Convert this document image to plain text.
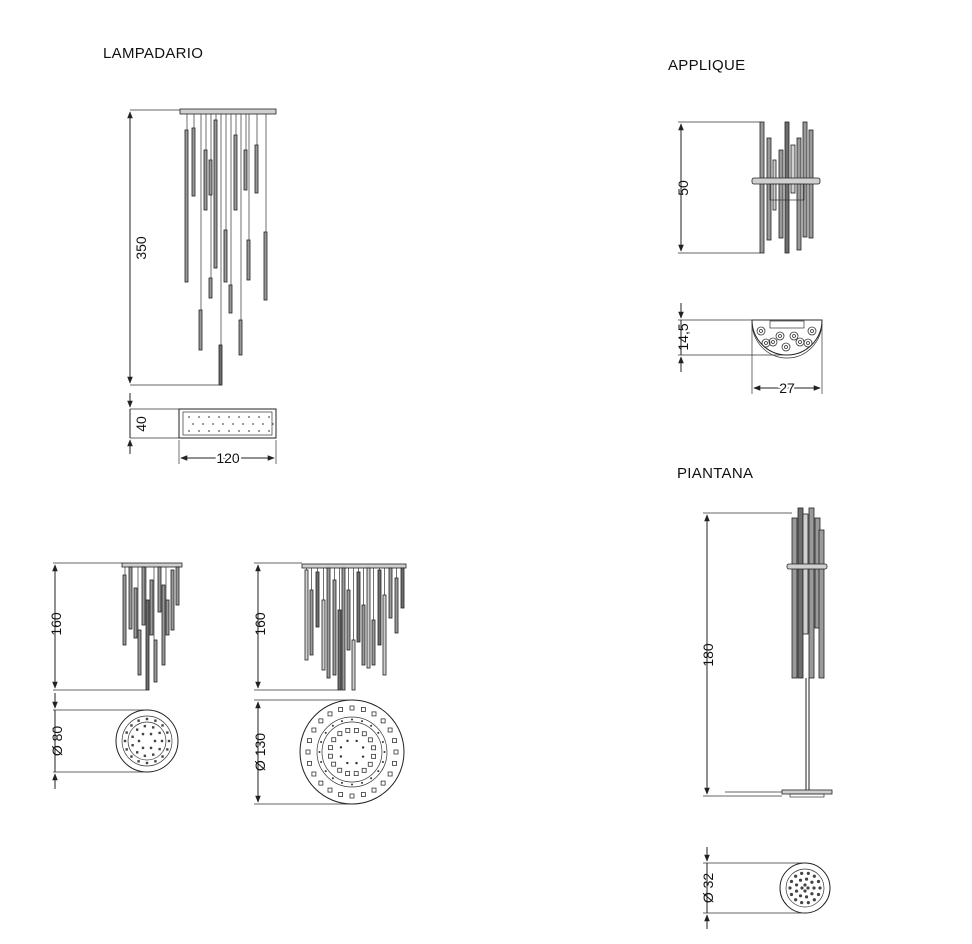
LAMPADARIO
APPLIQUE
PIANTANA
350
40
120
160
Ø 80
160
Ø 130
50
14,5
27
180
Ø 32
